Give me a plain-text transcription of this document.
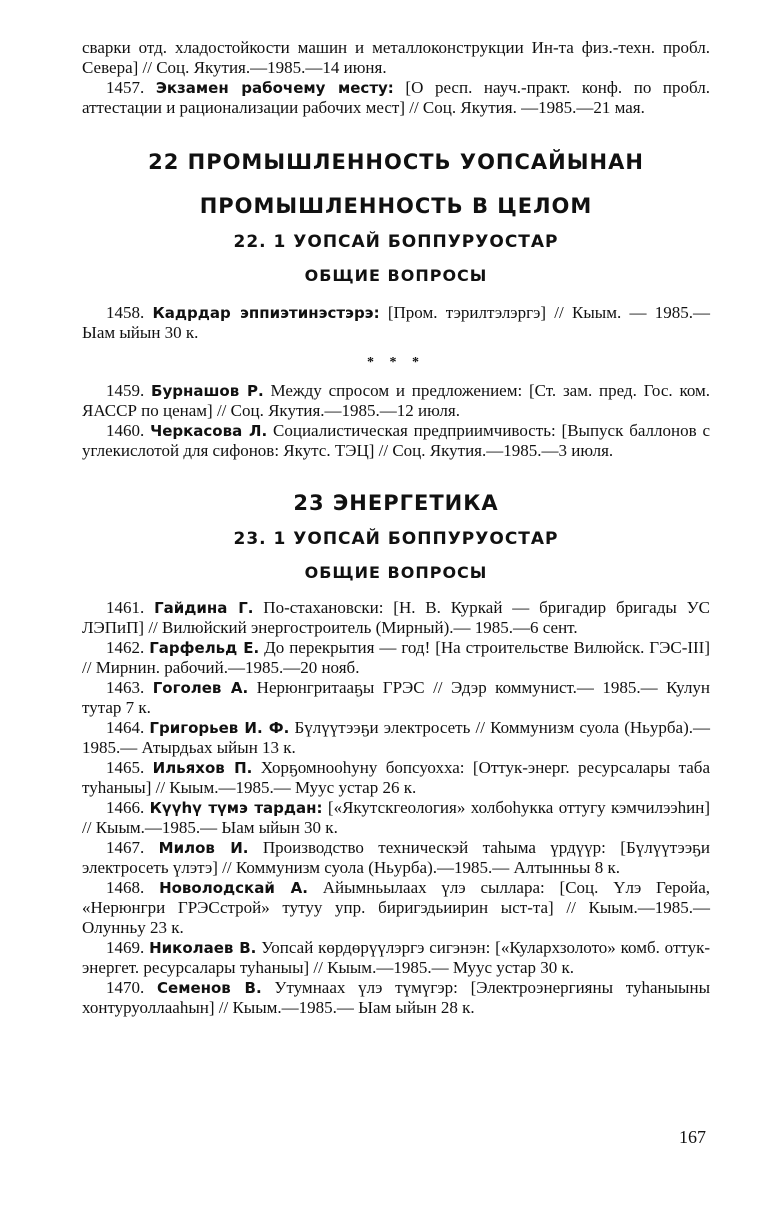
сварки отд. хладостойкости машин и металлоконструкции Ин-та физ.-техн. пробл. Севера] // Соц. Якутия.—1985.—14 июня.

1457. Экзамен рабочему месту: [О респ. науч.-практ. конф. по пробл. аттестации и рационализации рабочих мест] // Соц. Якутия. —1985.—21 мая.

22 ПРОМЫШЛЕННОСТЬ УОПСАЙЫНАН

ПРОМЫШЛЕННОСТЬ В ЦЕЛОМ

22. 1 УОПСАЙ БОППУРУОСТАР

ОБЩИЕ ВОПРОСЫ

1458. Кадрдар эппиэтинэстэрэ: [Пром. тэрилтэлэргэ] // Кыым. — 1985.— Ыам ыйын 30 к.

* * *

1459. Бурнашов Р. Между спросом и предложением: [Ст. зам. пред. Гос. ком. ЯАССР по ценам] // Соц. Якутия.—1985.—12 июля.

1460. Черкасова Л. Социалистическая предприимчивость: [Выпуск баллонов с углекислотой для сифонов: Якутс. ТЭЦ] // Соц. Якутия.—1985.—3 июля.

23 ЭНЕРГЕТИКА

23. 1 УОПСАЙ БОППУРУОСТАР

ОБЩИЕ ВОПРОСЫ

1461. Гайдина Г. По-стахановски: [Н. В. Куркай — бригадир бригады УС ЛЭПиП] // Вилюйский энергостроитель (Мирный).— 1985.—6 сент.

1462. Гарфельд Е. До перекрытия — год! [На строительстве Вилюйск. ГЭС-III] // Мирнин. рабочий.—1985.—20 нояб.

1463. Гоголев А. Нерюнгритааҕы ГРЭС // Эдэр коммунист.— 1985.— Кулун тутар 7 к.

1464. Григорьев И. Ф. Бүлүүтээҕи электросеть // Коммунизм суола (Ньурба).—1985.— Атырдьах ыйын 13 к.

1465. Ильяхов П. Хорҕомнооһуну бопсуохха: [Оттук-энерг. ресурсалары таба туһаныы] // Кыым.—1985.— Муус устар 26 к.

1466. Күүһү түмэ тардан: [«Якутскгеология» холбоһукка оттугу кэмчилээһин] // Кыым.—1985.— Ыам ыйын 30 к.

1467. Милов И. Производство техническэй таһыма үрдүүр: [Бүлүүтээҕи электросеть үлэтэ] // Коммунизм суола (Ньурба).—1985.— Алтынньы 8 к.

1468. Новолодскай А. Айымньылаах үлэ сыллара: [Соц. Үлэ Геройа, «Нерюнгри ГРЭСстрой» тутуу упр. биригэдьиирин ыст-та] // Кыым.—1985.— Олунньу 23 к.

1469. Николаев В. Уопсай көрдөрүүлэргэ сигэнэн: [«Кулархзолото» комб. оттук-энергет. ресурсалары туһаныы] // Кыым.—1985.— Муус устар 30 к.

1470. Семенов В. Утумнаах үлэ түмүгэр: [Электроэнергияны туһаныыны хонтуруоллааһын] // Кыым.—1985.— Ыам ыйын 28 к.

167
